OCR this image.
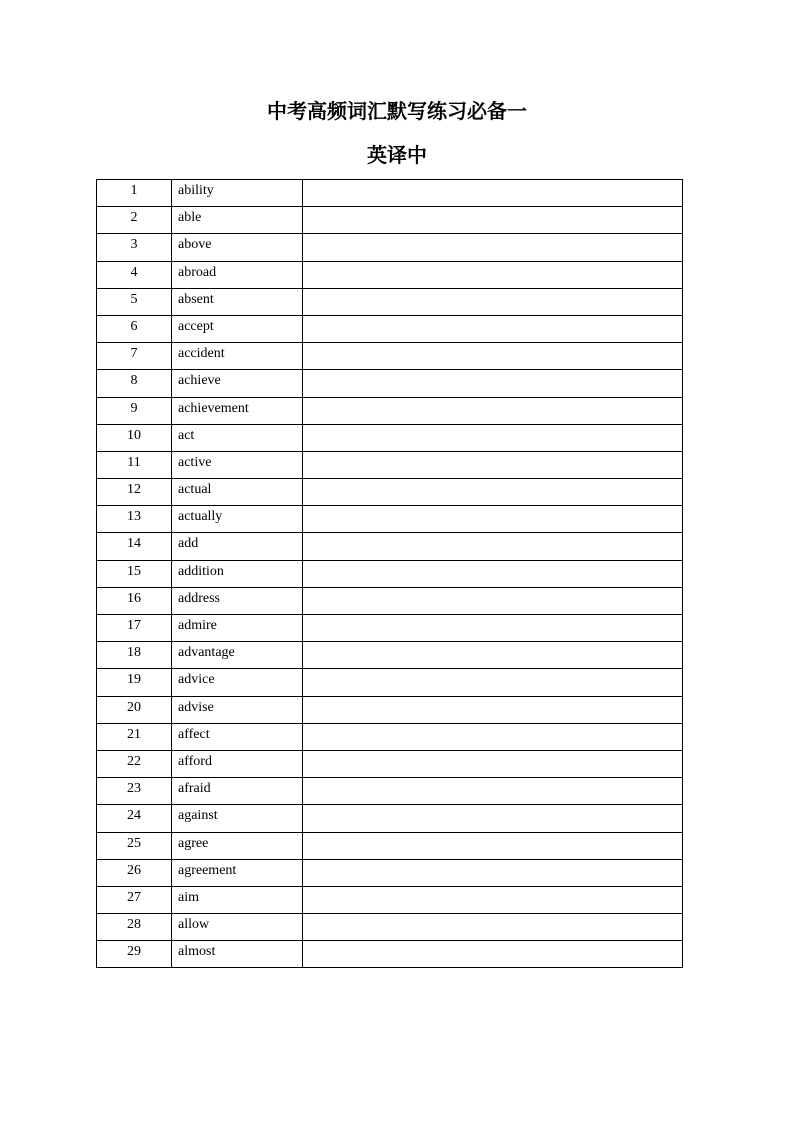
中考高频词汇默写练习必备一
英译中
1	ability	
2	able	
3	above	
4	abroad	
5	absent	
6	accept	
7	accident	
8	achieve	
9	achievement	
10	act	
11	active	
12	actual	
13	actually	
14	add	
15	addition	
16	address	
17	admire	
18	advantage	
19	advice	
20	advise	
21	affect	
22	afford	
23	afraid	
24	against	
25	agree	
26	agreement	
27	aim	
28	allow	
29	almost	
